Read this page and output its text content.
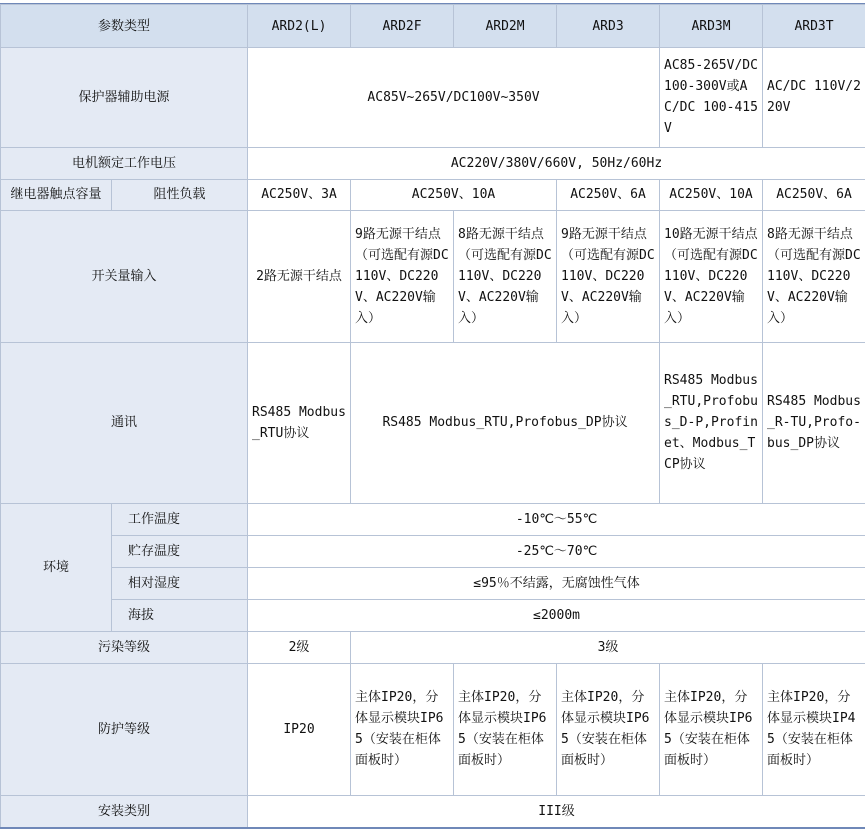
参数类型		ARD2(L)	ARD2F	ARD2M	ARD3	ARD3M	ARD3T
保护器辅助电源		AC85V~265V/DC100V~350V				AC85-265V/DC100-300V或AC/DC 100-415V	AC/DC 110V/220V
电机额定工作电压		AC220V/380V/660V, 50Hz/60Hz					
继电器触点容量	阻性负载	AC250V、3A	AC250V、10A		AC250V、6A	AC250V、10A	AC250V、6A
开关量输入		2路无源干结点	9路无源干结点（可选配有源DC110V、DC220V、AC220V输入）	8路无源干结点（可选配有源DC110V、DC220V、AC220V输入）	9路无源干结点（可选配有源DC110V、DC220V、AC220V输入）	10路无源干结点（可选配有源DC110V、DC220V、AC220V输入）	8路无源干结点（可选配有源DC110V、DC220V、AC220V输入）
通讯		RS485 Modbus_RTU协议	RS485 Modbus_RTU,Profobus_DP协议			RS485 Modbus_RTU,Profobus_D-P,Profinet、Modbus_TCP协议	RS485 Modbus_R-TU,Profo-bus_DP协议
环境	工作温度	-10℃～55℃					
	贮存温度	-25℃～70℃					
	相对湿度	≤95％不结露，无腐蚀性气体					
	海拔	≤2000m					
污染等级		2级	3级				
防护等级		IP20	主体IP20，分体显示模块IP65（安装在柜体面板时）	主体IP20，分体显示模块IP65（安装在柜体面板时）	主体IP20，分体显示模块IP65（安装在柜体面板时）	主体IP20，分体显示模块IP65（安装在柜体面板时）	主体IP20，分体显示模块IP45（安装在柜体面板时）
安装类别		III级					
